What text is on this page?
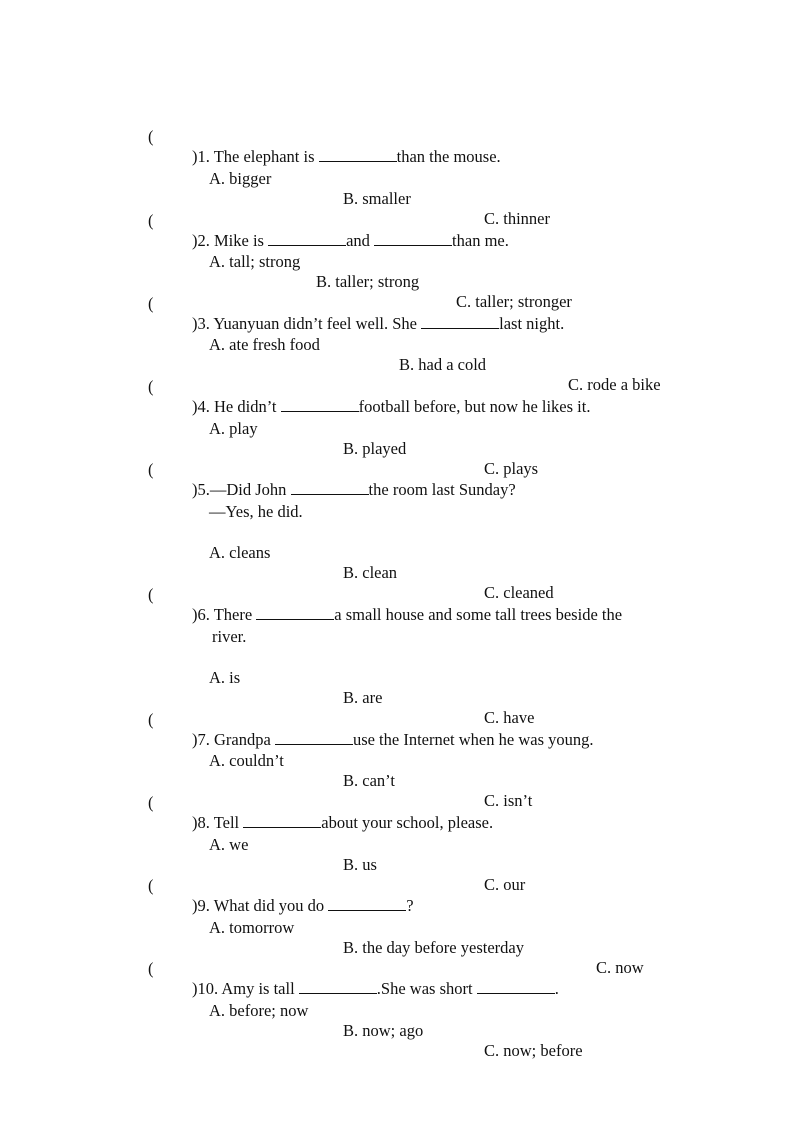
(

)1. The elephant is	than the mouse.

A. bigger

B. smaller

C. thinner

(

)2. Mike is	and	than me.

A. tall; strong

B. taller; strong

C. taller; stronger

(

)3. Yuanyuan didn’t feel well. She	last night.

A. ate fresh food

B. had a cold

C. rode a bike

(

)4. He didn’t	football before, but now he likes it.

A. play

B. played

C. plays

(

)5.—Did John	the room last Sunday?

—Yes, he did.

A. cleans

B. clean

C. cleaned

(

)6. There	a small house and some tall trees beside the

river.

A. is

B. are

C. have

(

)7. Grandpa	use the Internet when he was young.

A. couldn’t

B. can’t

C. isn’t

(

)8. Tell	about your school, please.

A. we

B. us

C. our

(

)9. What did you do	?

A. tomorrow

B. the day before yesterday

C. now

(

)10. Amy is tall	.She was short	.

A. before; now

B. now; ago

C. now; before
